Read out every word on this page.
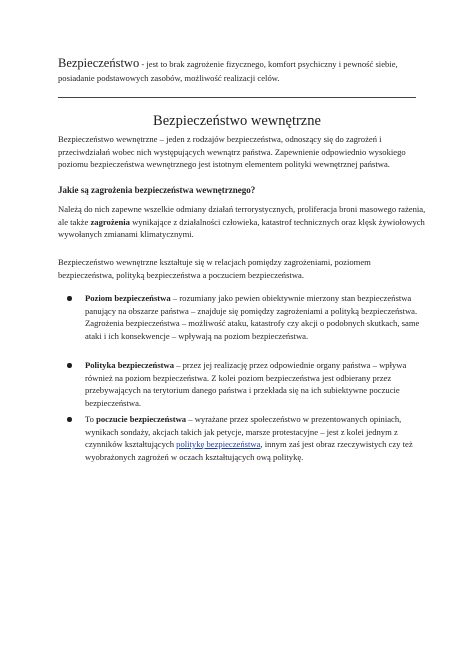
Bezpieczeństwo - jest to brak zagrożenie fizycznego, komfort psychiczny i pewność siebie, posiadanie podstawowych zasobów, możliwość realizacji celów.
Bezpieczeństwo wewnętrzne
Bezpieczeństwo wewnętrzne – jeden z rodzajów bezpieczeństwa, odnoszący się do zagrożeń i przeciwdziałań wobec nich występujących wewnątrz państwa. Zapewnienie odpowiednio wysokiego poziomu bezpieczeństwa wewnętrznego jest istotnym elementem polityki wewnętrznej państwa.
Jakie są zagrożenia bezpieczeństwa wewnętrznego?
Należą do nich zapewne wszelkie odmiany działań terrorystycznych, proliferacja broni masowego rażenia, ale także zagrożenia wynikające z działalności człowieka, katastrof technicznych oraz klęsk żywiołowych wywołanych zmianami klimatycznymi.
Bezpieczeństwo wewnętrzne kształtuje się w relacjach pomiędzy zagrożeniami, poziomem bezpieczeństwa, polityką bezpieczeństwa a poczuciem bezpieczeństwa.
Poziom bezpieczeństwa – rozumiany jako pewien obiektywnie mierzony stan bezpieczeństwa panujący na obszarze państwa – znajduje się pomiędzy zagrożeniami a polityką bezpieczeństwa. Zagrożenia bezpieczeństwa – możliwość ataku, katastrofy czy akcji o podobnych skutkach, same ataki i ich konsekwencje – wpływają na poziom bezpieczeństwa.
Polityka bezpieczeństwa – przez jej realizację przez odpowiednie organy państwa – wpływa również na poziom bezpieczeństwa. Z kolei poziom bezpieczeństwa jest odbierany przez przebywających na terytorium danego państwa i przekłada się na ich subiektywne poczucie bezpieczeństwa.
To poczucie bezpieczeństwa – wyrażane przez społeczeństwo w prezentowanych opiniach, wynikach sondaży, akcjach takich jak petycje, marsze protestacyjne – jest z kolei jednym z czynników kształtujących politykę bezpieczeństwa, innym zaś jest obraz rzeczywistych czy też wyobrażonych zagrożeń w oczach kształtujących ową politykę.
